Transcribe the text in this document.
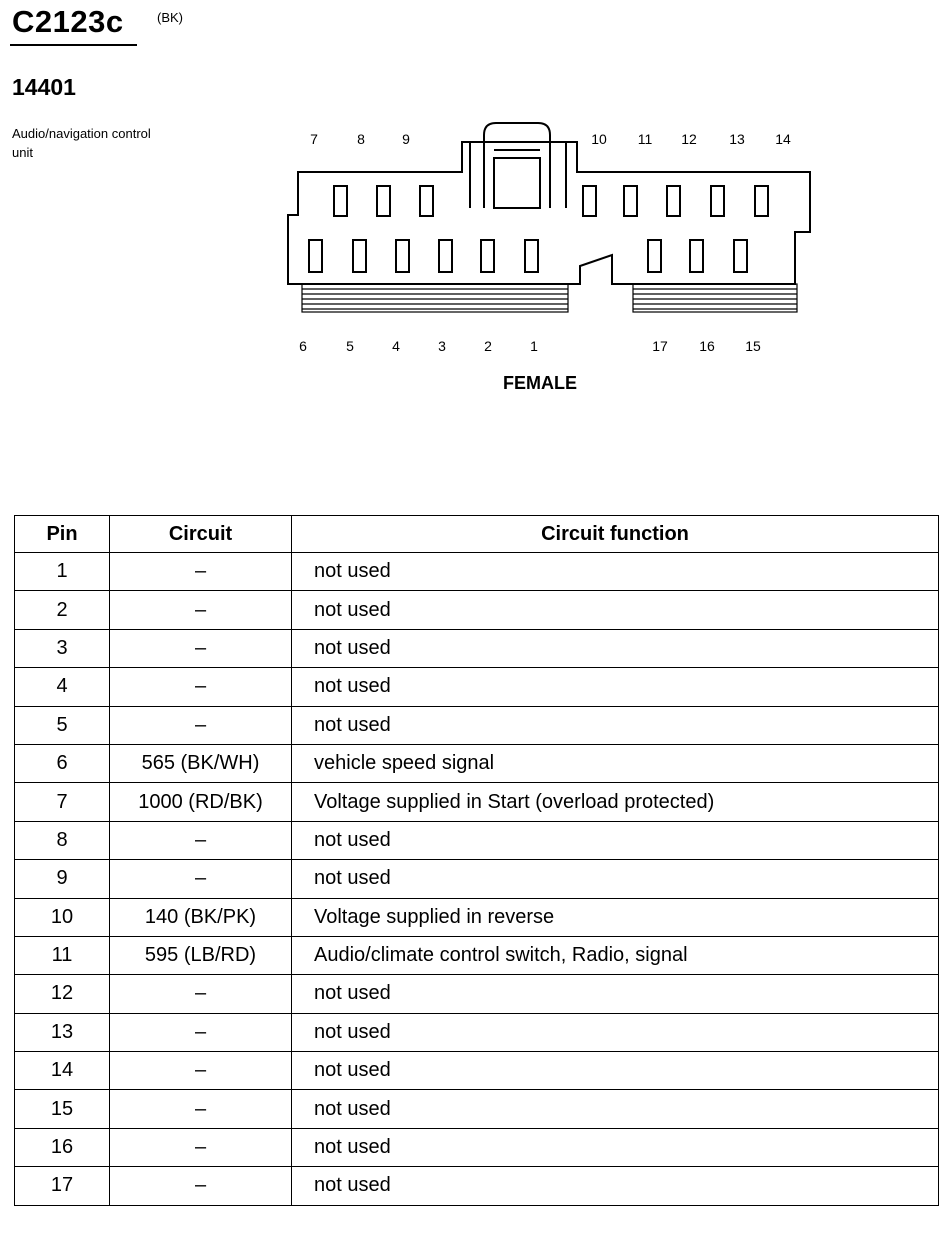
C2123c	(BK)
14401
Audio/navigation control unit
7	8	9	10 11 12 13 14
6	5	4	3	2	1	17 16 15
FEMALE
Pin	Circuit	Circuit function
1	–	not used
2	–	not used
3	–	not used
4	–	not used
5	–	not used
6	565 (BK/WH)	vehicle speed signal
7	1000 (RD/BK)	Voltage supplied in Start (overload protected)
8	–	not used
9	–	not used
10	140 (BK/PK)	Voltage supplied in reverse
11	595 (LB/RD)	Audio/climate control switch, Radio, signal
12	–	not used
13	–	not used
14	–	not used
15	–	not used
16	–	not used
17	–	not used
